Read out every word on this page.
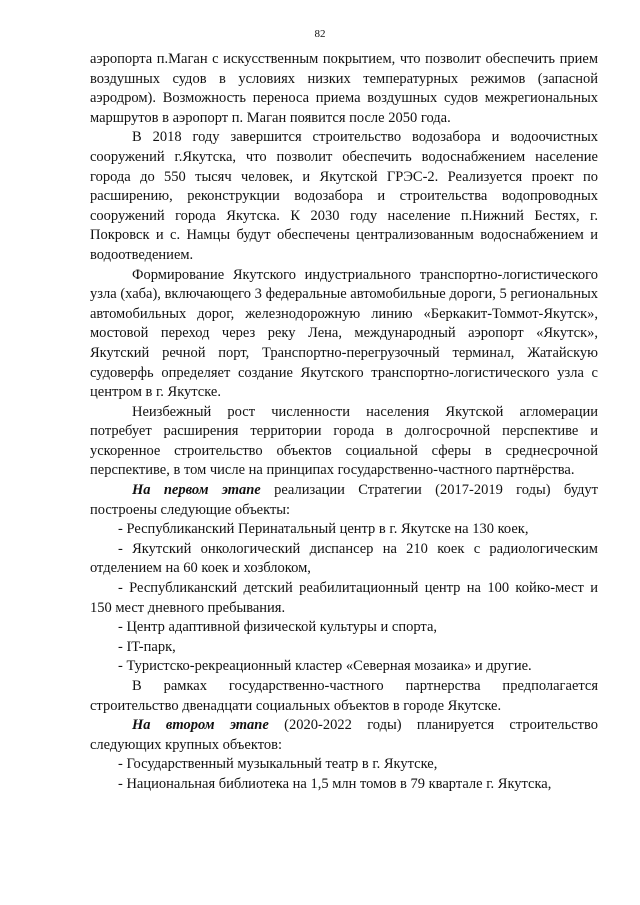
82

аэропорта п.Маган с искусственным покрытием, что позволит обеспечить прием воздушных судов в условиях низких температурных режимов (запасной аэродром). Возможность переноса приема воздушных судов межрегиональных маршрутов в аэропорт п. Маган появится после 2050 года.

В 2018 году завершится строительство водозабора и водоочистных сооружений г.Якутска, что позволит обеспечить водоснабжением население города до 550 тысяч человек, и Якутской ГРЭС-2. Реализуется проект по расширению, реконструкции водозабора и строительства водопроводных сооружений города Якутска. К 2030 году население п.Нижний Бестях, г. Покровск и с. Намцы будут обеспечены централизованным водоснабжением и водоотведением.

Формирование Якутского индустриального транспортно-логистического узла (хаба), включающего 3 федеральные автомобильные дороги, 5 региональных автомобильных дорог, железнодорожную линию «Беркакит-Томмот-Якутск», мостовой переход через реку Лена, международный аэропорт «Якутск», Якутский речной порт, Транспортно-перегрузочный терминал, Жатайскую судоверфь определяет создание Якутского транспортно-логистического узла с центром в г. Якутске.

Неизбежный рост численности населения Якутской агломерации потребует расширения территории города в долгосрочной перспективе и ускоренное строительство объектов социальной сферы в среднесрочной перспективе, в том числе на принципах государственно-частного партнёрства.

На первом этапе реализации Стратегии (2017-2019 годы) будут построены следующие объекты:

- Республиканский Перинатальный центр в г. Якутске на 130 коек,

- Якутский онкологический диспансер на 210 коек с радиологическим отделением на 60 коек и хозблоком,

- Республиканский детский реабилитационный центр на 100 койко-мест и 150 мест дневного пребывания.

- Центр адаптивной физической культуры и спорта,

- IT-парк,

- Туристско-рекреационный кластер «Северная мозаика» и другие.

В рамках государственно-частного партнерства предполагается строительство двенадцати социальных объектов в городе Якутске.

На втором этапе (2020-2022 годы) планируется строительство следующих крупных объектов:

- Государственный музыкальный театр в г. Якутске,

- Национальная библиотека на 1,5 млн томов в 79 квартале г. Якутска,
